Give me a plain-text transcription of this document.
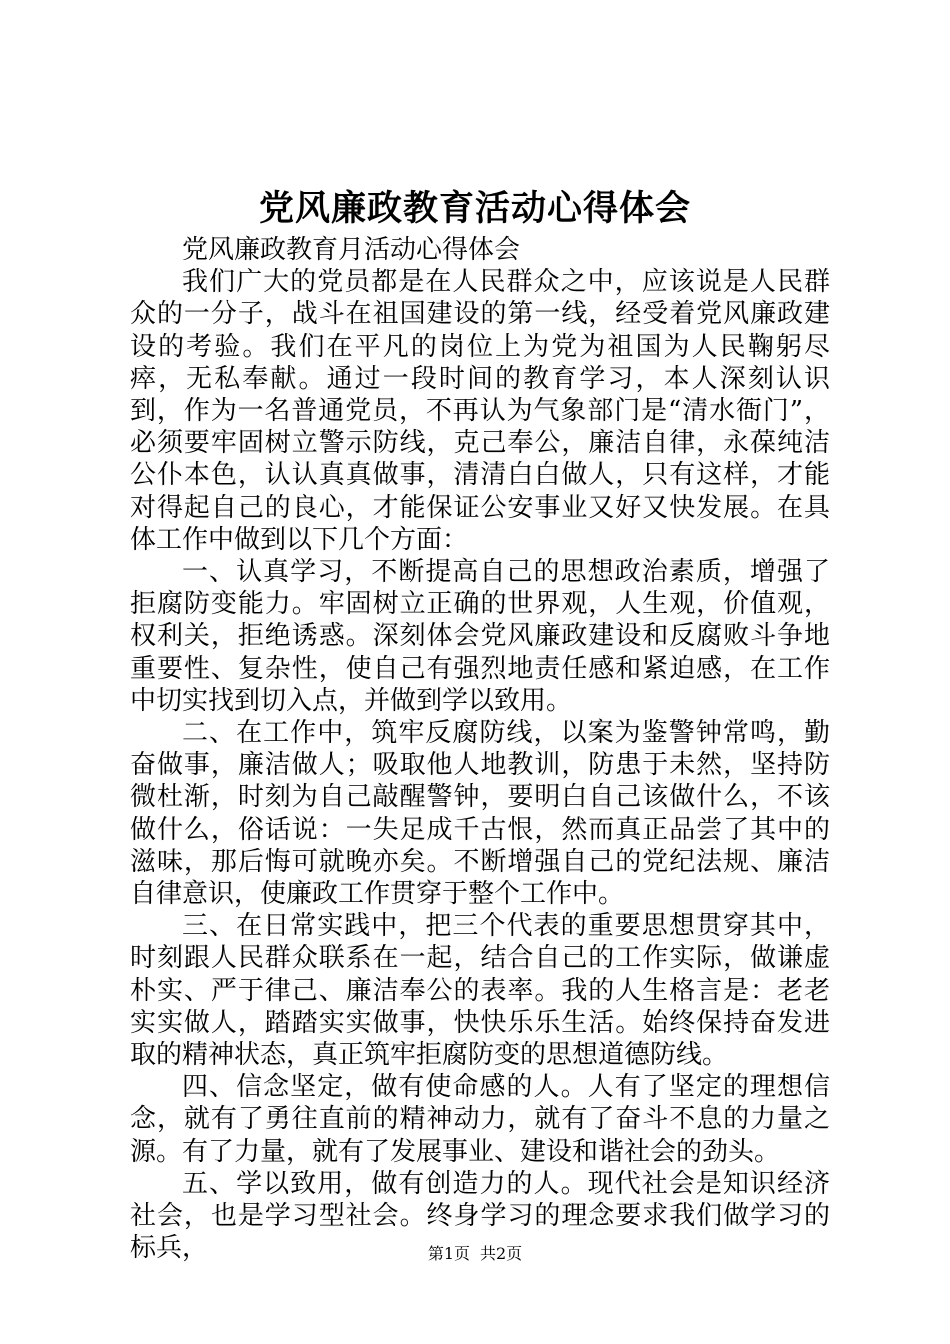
党风廉政教育活动心得体会

党风廉政教育月活动心得体会

我们广大的党员都是在人民群众之中，应该说是人民群众的一分子，战斗在祖国建设的第一线，经受着党风廉政建设的考验。我们在平凡的岗位上为党为祖国为人民鞠躬尽瘁，无私奉献。通过一段时间的教育学习，本人深刻认识到，作为一名普通党员，不再认为气象部门是“清水衙门”，必须要牢固树立警示防线，克己奉公，廉洁自律，永葆纯洁公仆本色，认认真真做事，清清白白做人，只有这样，才能对得起自己的良心，才能保证公安事业又好又快发展。在具体工作中做到以下几个方面：

一、认真学习，不断提高自己的思想政治素质，增强了拒腐防变能力。牢固树立正确的世界观，人生观，价值观，权利关，拒绝诱惑。深刻体会党风廉政建设和反腐败斗争地重要性、复杂性，使自己有强烈地责任感和紧迫感，在工作中切实找到切入点，并做到学以致用。

二、在工作中，筑牢反腐防线，以案为鉴警钟常鸣，勤奋做事，廉洁做人；吸取他人地教训，防患于未然，坚持防微杜渐，时刻为自己敲醒警钟，要明白自己该做什么，不该做什么，俗话说：一失足成千古恨，然而真正品尝了其中的滋味，那后悔可就晚亦矣。不断增强自己的党纪法规、廉洁自律意识，使廉政工作贯穿于整个工作中。

三、在日常实践中，把三个代表的重要思想贯穿其中，时刻跟人民群众联系在一起，结合自己的工作实际，做谦虚朴实、严于律己、廉洁奉公的表率。我的人生格言是：老老实实做人，踏踏实实做事，快快乐乐生活。始终保持奋发进取的精神状态，真正筑牢拒腐防变的思想道德防线。

四、信念坚定，做有使命感的人。人有了坚定的理想信念，就有了勇往直前的精神动力，就有了奋斗不息的力量之源。有了力量，就有了发展事业、建设和谐社会的劲头。

五、学以致用，做有创造力的人。现代社会是知识经济社会，也是学习型社会。终身学习的理念要求我们做学习的标兵，	第1页 共2页
